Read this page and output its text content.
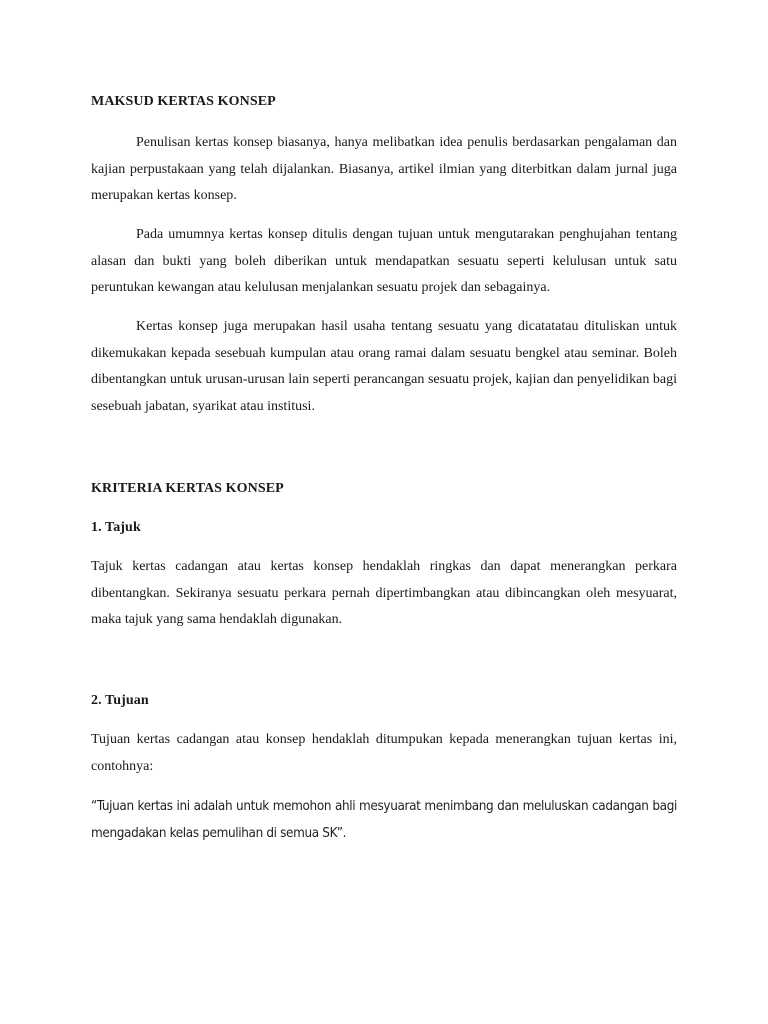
MAKSUD KERTAS KONSEP
Penulisan kertas konsep biasanya, hanya melibatkan idea penulis berdasarkan pengalaman dan kajian perpustakaan yang telah dijalankan. Biasanya, artikel ilmian yang diterbitkan dalam jurnal juga merupakan kertas konsep.
Pada umumnya kertas konsep ditulis dengan tujuan untuk mengutarakan penghujahan tentang alasan dan bukti yang boleh diberikan untuk mendapatkan sesuatu seperti kelulusan untuk satu peruntukan kewangan atau kelulusan menjalankan sesuatu projek dan sebagainya.
Kertas konsep juga merupakan hasil usaha tentang sesuatu yang dicatatatau dituliskan untuk dikemukakan kepada sesebuah kumpulan atau orang ramai dalam sesuatu bengkel atau seminar. Boleh dibentangkan untuk urusan-urusan lain seperti perancangan sesuatu projek, kajian dan penyelidikan bagi sesebuah jabatan, syarikat atau institusi.
KRITERIA KERTAS KONSEP
1. Tajuk
Tajuk kertas cadangan atau kertas konsep hendaklah ringkas dan dapat menerangkan perkara dibentangkan. Sekiranya sesuatu perkara pernah dipertimbangkan atau dibincangkan oleh mesyuarat, maka tajuk yang sama hendaklah digunakan.
2. Tujuan
Tujuan kertas cadangan atau konsep hendaklah ditumpukan kepada menerangkan tujuan kertas ini, contohnya:
“Tujuan kertas ini adalah untuk memohon ahli mesyuarat menimbang dan meluluskan cadangan bagi mengadakan kelas pemulihan di semua SK”.
